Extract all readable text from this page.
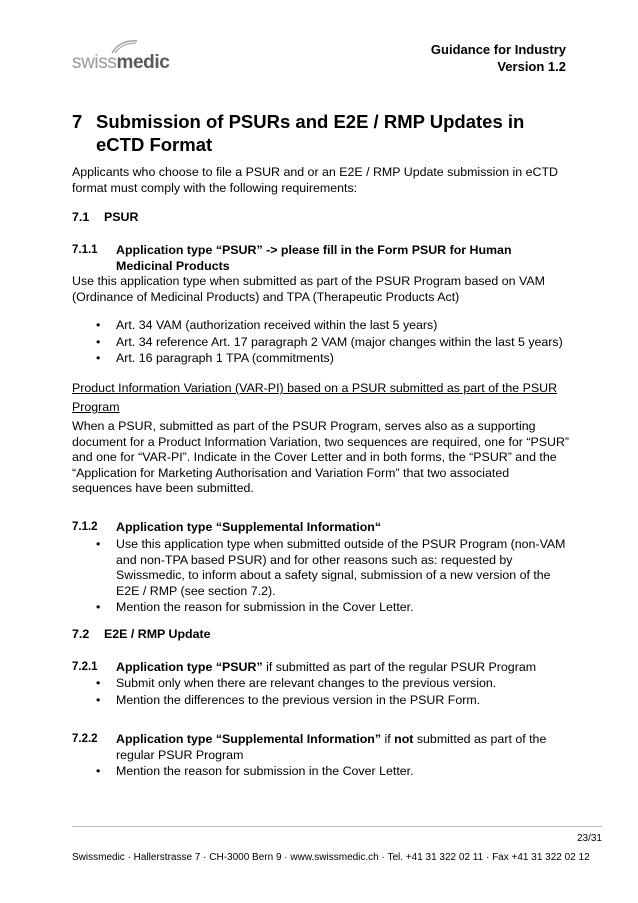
swissmedic
Guidance for Industry
Version 1.2
7 Submission of PSURs and E2E / RMP Updates in eCTD Format

Applicants who choose to file a PSUR and or an E2E / RMP Update submission in eCTD format must comply with the following requirements:

7.1 PSUR
7.1.1 Application type “PSUR” -> please fill in the Form PSUR for Human Medicinal Products

Use this application type when submitted as part of the PSUR Program based on VAM (Ordinance of Medicinal Products) and TPA (Therapeutic Products Act)

• Art. 34 VAM (authorization received within the last 5 years)
• Art. 34 reference Art. 17 paragraph 2 VAM (major changes within the last 5 years)
• Art. 16 paragraph 1 TPA (commitments)

Product Information Variation (VAR-PI) based on a PSUR submitted as part of the PSUR Program

When a PSUR, submitted as part of the PSUR Program, serves also as a supporting document for a Product Information Variation, two sequences are required, one for “PSUR” and one for “VAR-PI”. Indicate in the Cover Letter and in both forms, the “PSUR” and the “Application for Marketing Authorisation and Variation Form” that two associated sequences have been submitted.

7.1.2 Application type “Supplemental Information“
• Use this application type when submitted outside of the PSUR Program (non-VAM and non-TPA based PSUR) and for other reasons such as: requested by Swissmedic, to inform about a safety signal, submission of a new version of the E2E / RMP (see section 7.2).
• Mention the reason for submission in the Cover Letter.
7.2 E2E / RMP Update
7.2.1 Application type “PSUR” if submitted as part of the regular PSUR Program
• Submit only when there are relevant changes to the previous version.
• Mention the differences to the previous version in the PSUR Form.
7.2.2 Application type “Supplemental Information” if not submitted as part of the regular PSUR Program
• Mention the reason for submission in the Cover Letter.
23/31
Swissmedic · Hallerstrasse 7 · CH-3000 Bern 9 · www.swissmedic.ch · Tel. +41 31 322 02 11 · Fax +41 31 322 02 12
